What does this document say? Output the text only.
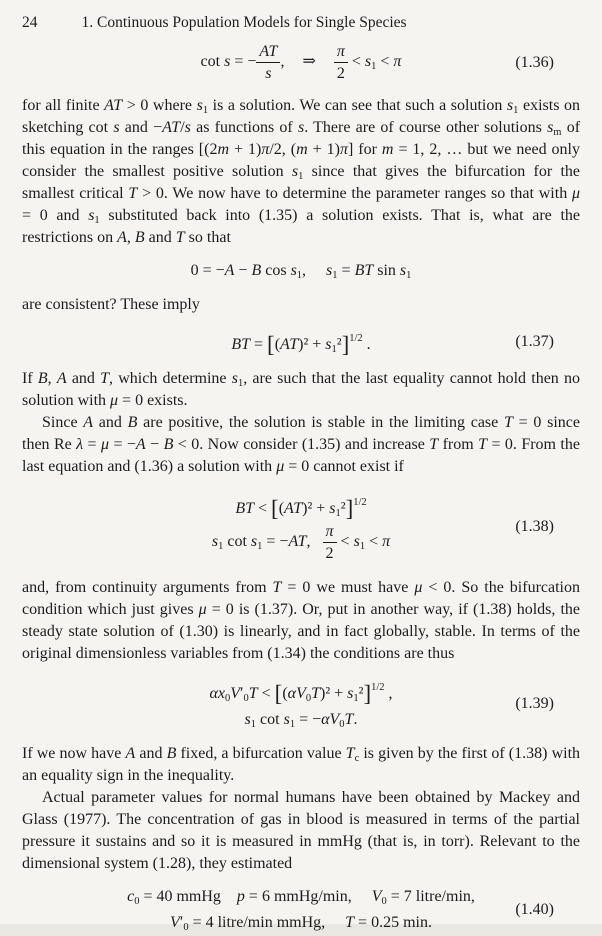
24	1. Continuous Population Models for Single Species
cot s = − $\frac{AT}{s}$ , ⇒ $\frac{\pi}{2} < s_1 < \pi$	(1.36)

for all finite AT > 0 where $s_1$ is a solution. We can see that such a solution $s_1$ exists on sketching cot s and −AT/s as functions of s. There are of course other solutions $s_m$ of this equation in the ranges [(2m + 1)π/2, (m + 1)π] for m = 1, 2, … but we need only consider the smallest positive solution $s_1$ since that gives the bifurcation for the smallest critical T > 0. We now have to determine the parameter ranges so that with μ = 0 and $s_1$ substituted back into (1.35) a solution exists. That is, what are the restrictions on A, B and T so that

0 = −A − B $\cos s_1$,     $s_1$ = BT $\sin s_1$

are consistent? These imply

BT = $[(AT)^2 + s_1^2]^{1/2}$ .	(1.37)

If B, A and T, which determine $s_1$, are such that the last equality cannot hold then no solution with μ = 0 exists.

Since A and B are positive, the solution is stable in the limiting case T = 0 since then Re λ = μ = −A − B < 0. Now consider (1.35) and increase T from T = 0. From the last equation and (1.36) a solution with μ = 0 cannot exist if

BT < $[(AT)^2 + s_1^2]^{1/2}$
$s_1$ $\cot s_1 = -AT$, $\frac{\pi}{2} < s_1 < \pi$
(1.38)

and, from continuity arguments from T = 0 we must have μ < 0. So the bifurcation condition which just gives μ = 0 is (1.37). Or, put in another way, if (1.38) holds, the steady state solution of (1.30) is linearly, and in fact globally, stable. In terms of the original dimensionless variables from (1.34) the conditions are thus

$\alpha x_0V'_0T < [(\alpha V_0T)^2 + s_1^2]^{1/2}$ ,
$s_1$ $\cot s_1 = -\alpha V_0T$.
(1.39)

If we now have A and B fixed, a bifurcation value $T_c$ is given by the first of (1.38) with an equality sign in the inequality.

Actual parameter values for normal humans have been obtained by Mackey and Glass (1977). The concentration of gas in blood is measured in terms of the partial pressure it sustains and so it is measured in mmHg (that is, in torr). Relevant to the dimensional system (1.28), they estimated

$c_0 = 40$ mmHg    p = 6 mmHg/min,     $V_0 = 7$ litre/min,
$V'_0 = 4$ litre/min mmHg,     T = 0.25 min.
(1.40)
